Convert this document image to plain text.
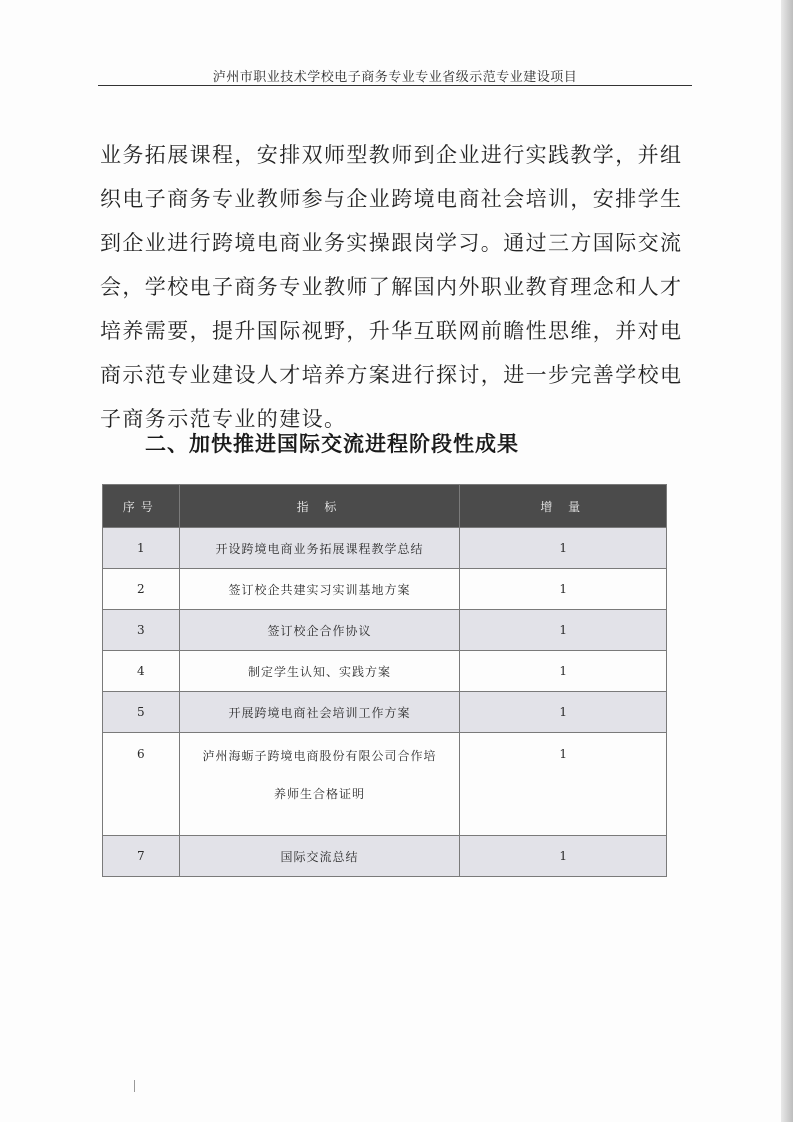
泸州市职业技术学校电子商务专业专业省级示范专业建设项目

业务拓展课程，安排双师型教师到企业进行实践教学，并组织电子商务专业教师参与企业跨境电商社会培训，安排学生到企业进行跨境电商业务实操跟岗学习。通过三方国际交流会，学校电子商务专业教师了解国内外职业教育理念和人才培养需要，提升国际视野，升华互联网前瞻性思维，并对电商示范专业建设人才培养方案进行探讨，进一步完善学校电子商务示范专业的建设。

二、加快推进国际交流进程阶段性成果
序号	指 标	增 量
1	开设跨境电商业务拓展课程教学总结	1
2	签订校企共建实习实训基地方案	1
3	签订校企合作协议	1
4	制定学生认知、实践方案	1
5	开展跨境电商社会培训工作方案	1
6	泸州海蛎子跨境电商股份有限公司合作培
养师生合格证明	1
7	国际交流总结	1
